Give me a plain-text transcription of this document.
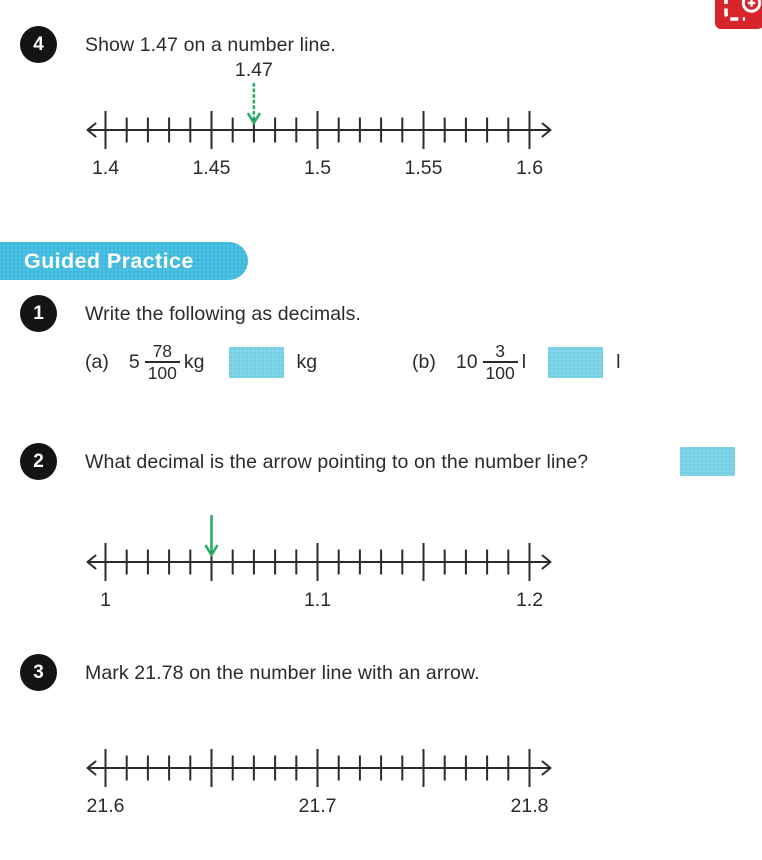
4	Show 1.47 on a number line.
1.4	1.45	1.5	1.55	1.6
1.47
Guided Practice
1	Write the following as decimals.
(a) $5 \frac{78}{100}$ kg	kg	(b) $10 \frac{3}{100}$ l	l
2	What decimal is the arrow pointing to on the number line?
1	1.1	1.2
3	Mark 21.78 on the number line with an arrow.
21.6	21.7	21.8
